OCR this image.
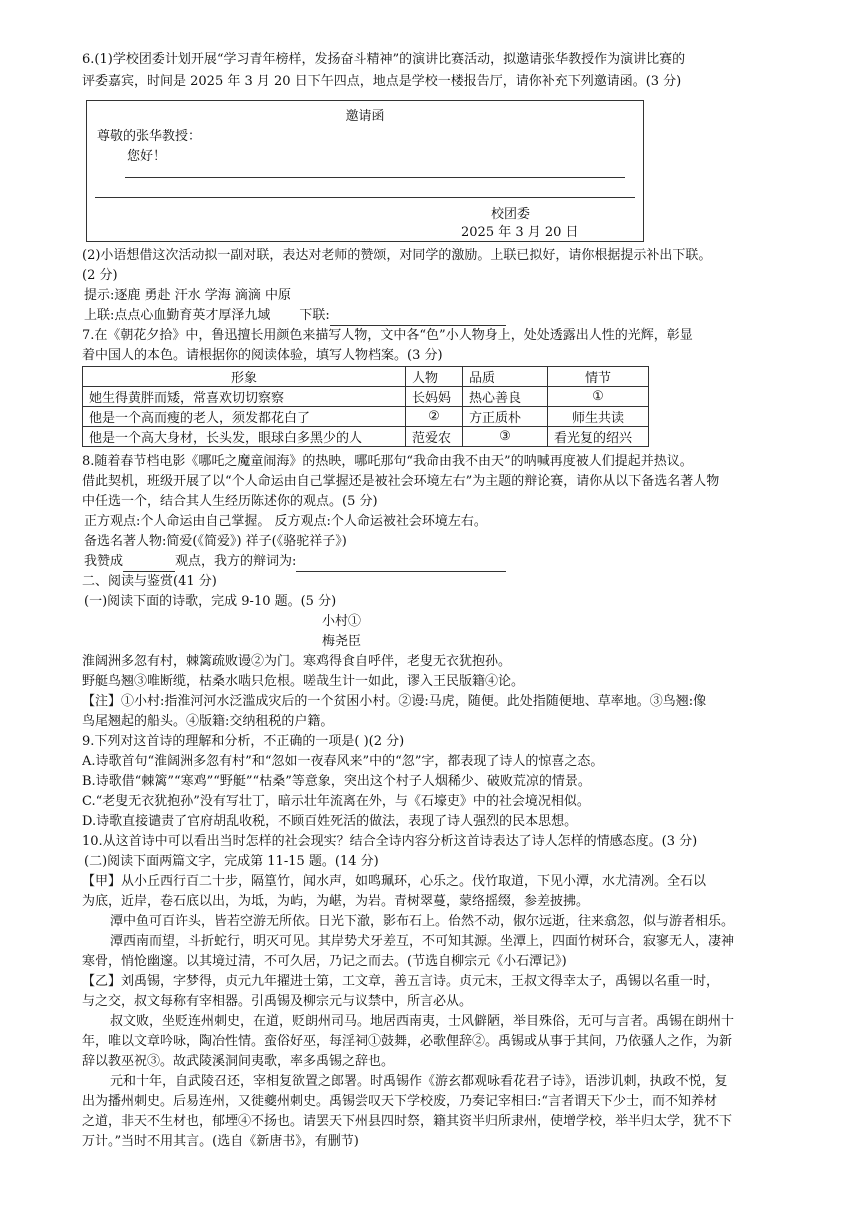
6.(1)学校团委计划开展“学习青年榜样，发扬奋斗精神”的演讲比赛活动，拟邀请张华教授作为演讲比赛的
评委嘉宾，时间是 2025 年 3 月 20 日下午四点，地点是学校一楼报告厅，请你补充下列邀请函。(3 分)
邀请函
尊敬的张华教授：
您好！
校团委
2025 年 3 月 20 日
(2)小语想借这次活动拟一副对联，表达对老师的赞颂，对同学的激励。上联已拟好，请你根据提示补出下联。
(2 分)
提示:逐鹿 勇赴 汗水 学海 滴滴 中原
上联:点点心血勤育英才厚泽九域 下联:
7.在《朝花夕拾》中，鲁迅擅长用颜色来描写人物，文中各“色”小人物身上，处处透露出人性的光辉，彰显
着中国人的本色。请根据你的阅读体验，填写人物档案。(3 分)
形象	人物	品质	情节
她生得黄胖而矮，常喜欢切切察察	长妈妈	热心善良	①
他是一个高而瘦的老人，须发都花白了	②	方正质朴	师生共读
他是一个高大身材，长头发，眼球白多黑少的人	范爱农	③	看光复的绍兴
8.随着春节档电影《哪吒之魔童闹海》的热映，哪吒那句“我命由我不由天”的呐喊再度被人们提起并热议。
借此契机，班级开展了以“个人命运由自己掌握还是被社会环境左右”为主题的辩论赛，请你从以下备选名著人物
中任选一个，结合其人生经历陈述你的观点。(5 分)
正方观点:个人命运由自己掌握。 反方观点:个人命运被社会环境左右。
备选名著人物:简爱(《简爱》) 祥子(《骆驼祥子》)
我赞成	观点，我方的辩词为:
二、阅读与鉴赏(41 分)
(一)阅读下面的诗歌，完成 9-10 题。(5 分)
小村①
梅尧臣
淮阔洲多忽有村，棘篱疏败谩②为门。寒鸡得食自呼伴，老叟无衣犹抱孙。
野艇鸟翘③唯断缆，枯桑水啮只危根。嗟哉生计一如此，谬入王民版籍④论。
【注】①小村:指淮河河水泛滥成灾后的一个贫困小村。②谩:马虎，随便。此处指随便地、草率地。③鸟翘:像
鸟尾翘起的船头。④版籍:交纳租税的户籍。
9.下列对这首诗的理解和分析，不正确的一项是( )(2 分)
A.诗歌首句“淮阔洲多忽有村”和“忽如一夜春风来”中的“忽”字，都表现了诗人的惊喜之态。
B.诗歌借“棘篱”“寒鸡”“野艇”“枯桑”等意象，突出这个村子人烟稀少、破败荒凉的情景。
C.“老叟无衣犹抱孙”没有写壮丁，暗示壮年流离在外，与《石壕吏》中的社会境况相似。
D.诗歌直接谴责了官府胡乱收税，不顾百姓死活的做法，表现了诗人强烈的民本思想。
10.从这首诗中可以看出当时怎样的社会现实？结合全诗内容分析这首诗表达了诗人怎样的情感态度。(3 分)
(二)阅读下面两篇文字，完成第 11-15 题。(14 分)
【甲】从小丘西行百二十步，隔篁竹，闻水声，如鸣珮环，心乐之。伐竹取道，下见小潭，水尤清冽。全石以
为底，近岸，卷石底以出，为坻，为屿，为嵁，为岩。青树翠蔓，蒙络摇缀，参差披拂。
潭中鱼可百许头，皆若空游无所依。日光下澈，影布石上。佁然不动，俶尔远逝，往来翕忽，似与游者相乐。
潭西南而望，斗折蛇行，明灭可见。其岸势犬牙差互，不可知其源。坐潭上，四面竹树环合，寂寥无人，凄神
寒骨，悄怆幽邃。以其境过清，不可久居，乃记之而去。(节选自柳宗元《小石潭记》)
【乙】刘禹锡，字梦得，贞元九年擢进士第，工文章，善五言诗。贞元末，王叔文得幸太子，禹锡以名重一时，
与之交，叔文每称有宰相器。引禹锡及柳宗元与议禁中，所言必从。
叔文败，坐贬连州刺史，在道，贬朗州司马。地居西南夷，士风僻陋，举目殊俗，无可与言者。禹锡在朗州十
年，唯以文章吟咏，陶冶性情。蛮俗好巫，每淫祠①鼓舞，必歌俚辞②。禹锡或从事于其间，乃依骚人之作，为新
辞以教巫祝③。故武陵溪洞间夷歌，率多禹锡之辞也。
元和十年，自武陵召还，宰相复欲置之郎署。时禹锡作《游玄都观咏看花君子诗》，语涉讥刺，执政不悦，复
出为播州刺史。后易连州，又徙夔州刺史。禹锡尝叹天下学校废，乃奏记宰相曰:“言者谓天下少士，而不知养材
之道，非天不生材也，郁堙④不扬也。请罢天下州县四时祭，籍其资半归所隶州，使增学校，举半归太学，犹不下
万计。”当时不用其言。(选自《新唐书》，有删节)
